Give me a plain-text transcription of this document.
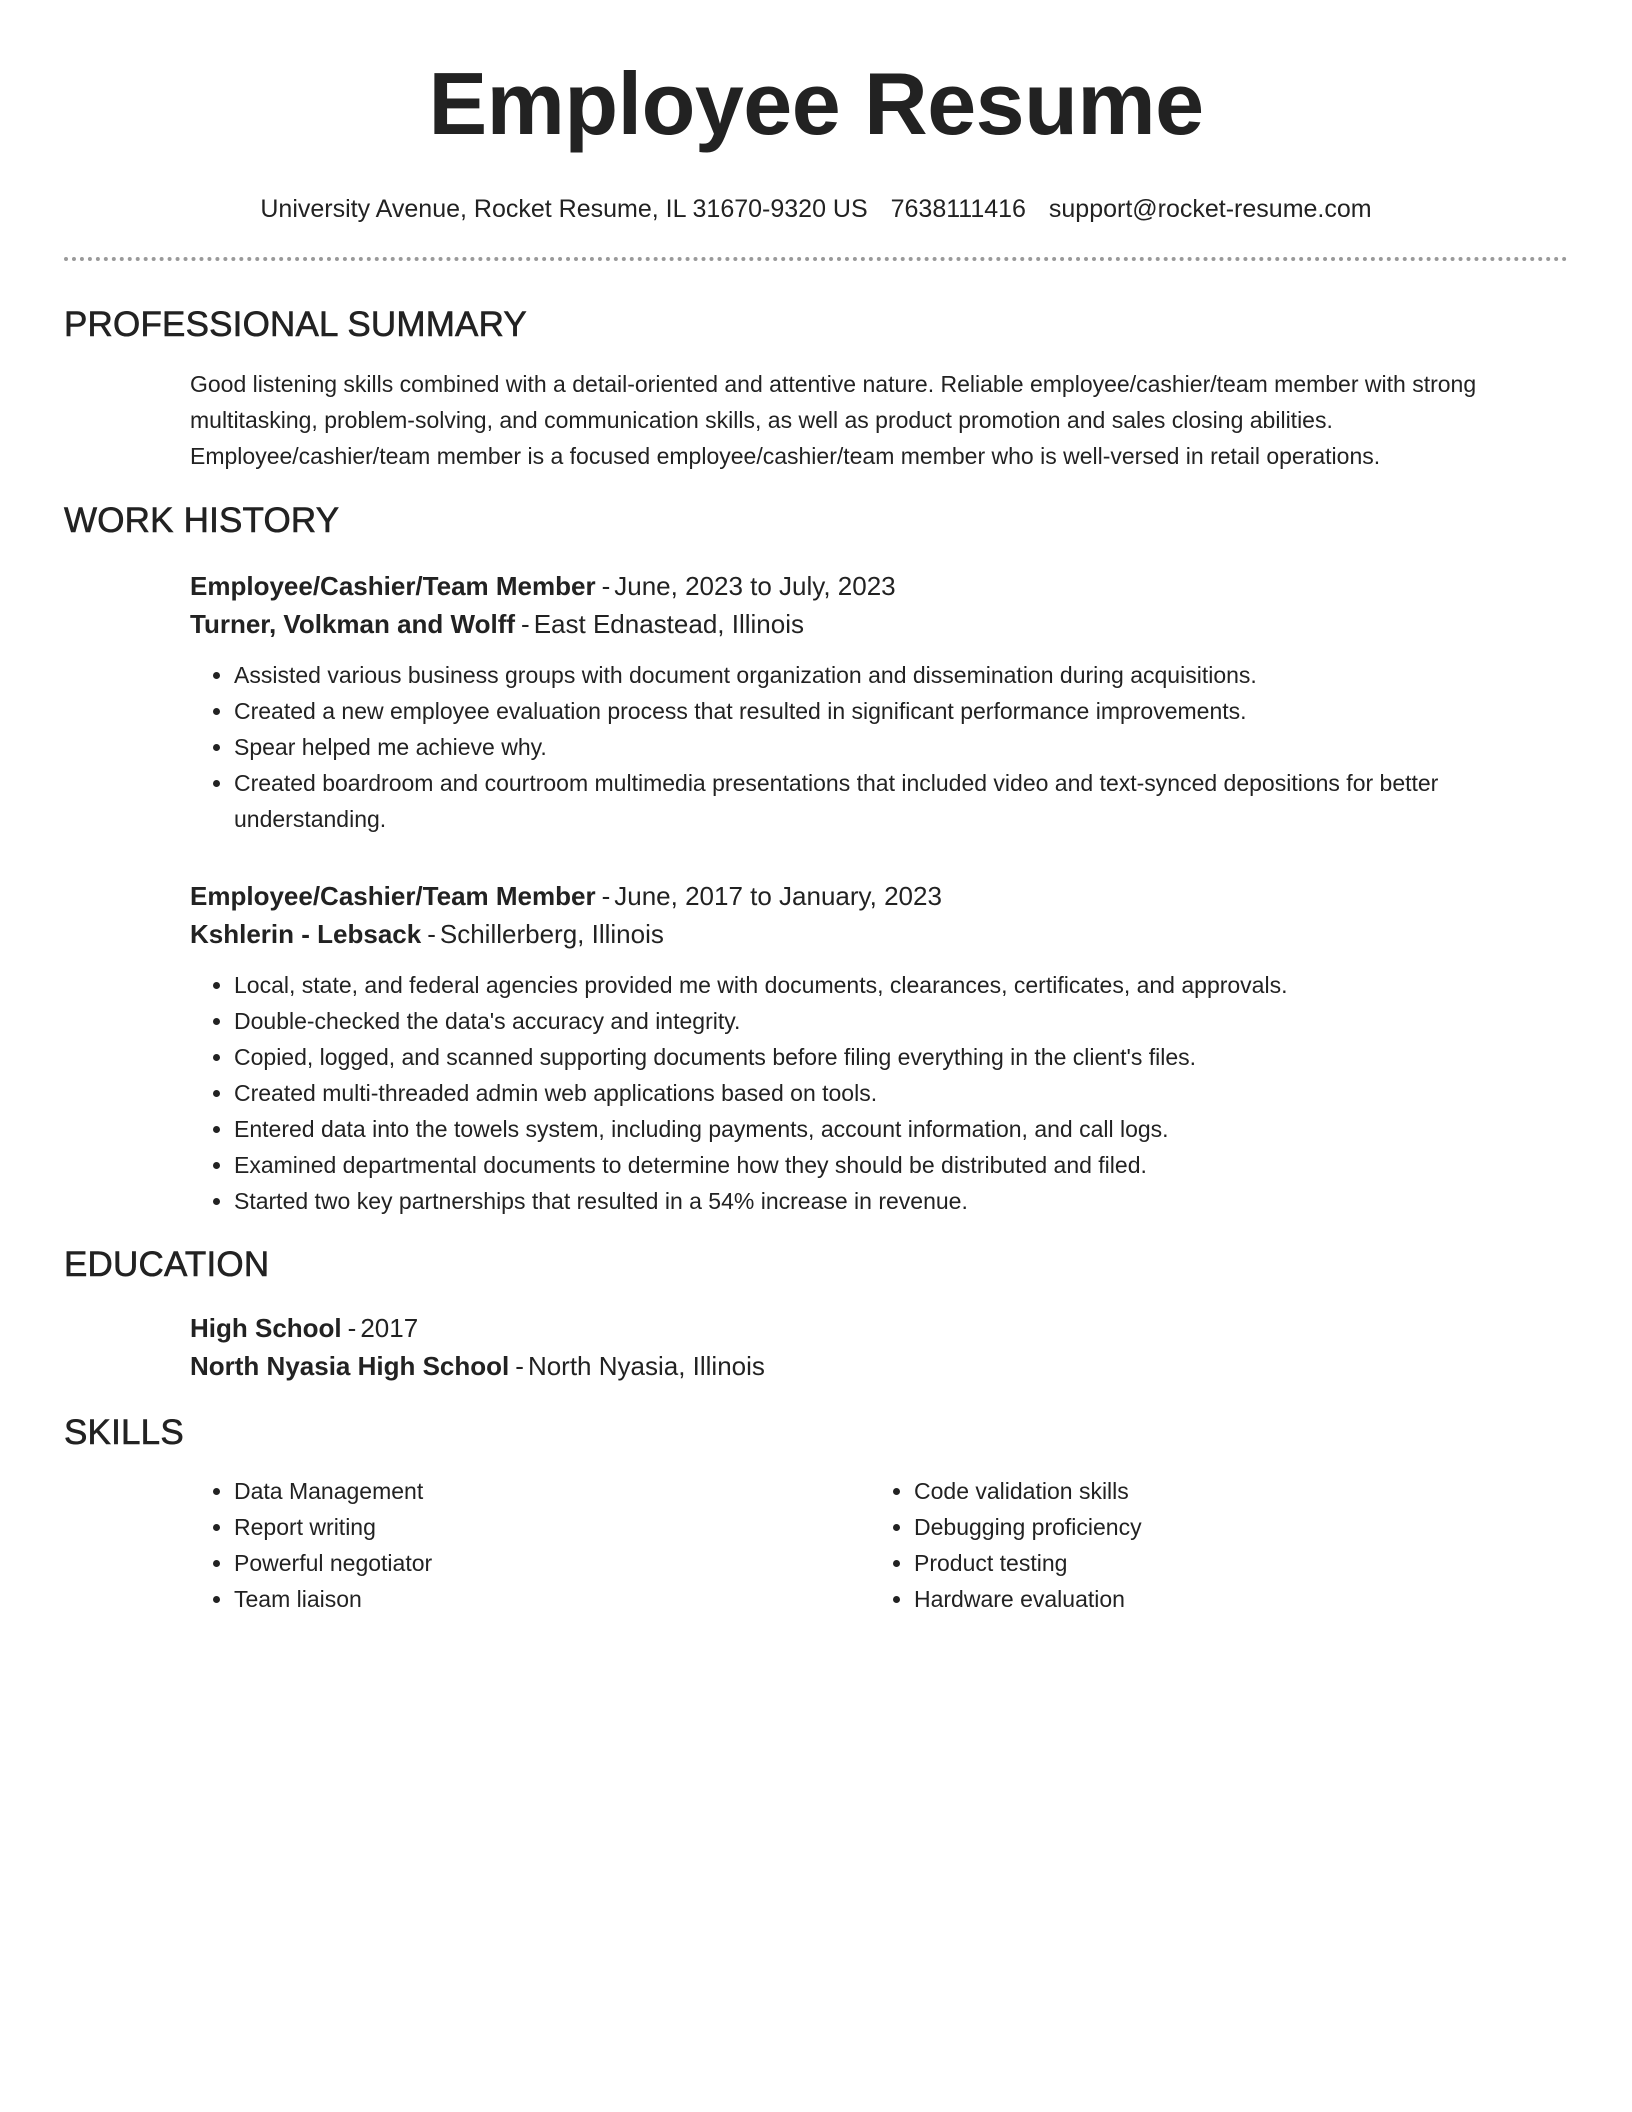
Employee Resume
University Avenue, Rocket Resume, IL 31670-9320 US 7638111416 support@rocket-resume.com
PROFESSIONAL SUMMARY
Good listening skills combined with a detail-oriented and attentive nature. Reliable employee/cashier/team member with strong multitasking, problem-solving, and communication skills, as well as product promotion and sales closing abilities. Employee/cashier/team member is a focused employee/cashier/team member who is well-versed in retail operations.
WORK HISTORY
Employee/Cashier/Team Member - June, 2023 to July, 2023
Turner, Volkman and Wolff - East Ednastead, Illinois
• Assisted various business groups with document organization and dissemination during acquisitions.
• Created a new employee evaluation process that resulted in significant performance improvements.
• Spear helped me achieve why.
• Created boardroom and courtroom multimedia presentations that included video and text-synced depositions for better understanding.
Employee/Cashier/Team Member - June, 2017 to January, 2023
Kshlerin - Lebsack - Schillerberg, Illinois
• Local, state, and federal agencies provided me with documents, clearances, certificates, and approvals.
• Double-checked the data's accuracy and integrity.
• Copied, logged, and scanned supporting documents before filing everything in the client's files.
• Created multi-threaded admin web applications based on tools.
• Entered data into the towels system, including payments, account information, and call logs.
• Examined departmental documents to determine how they should be distributed and filed.
• Started two key partnerships that resulted in a 54% increase in revenue.
EDUCATION
High School - 2017
North Nyasia High School - North Nyasia, Illinois
SKILLS
• Data Management
• Report writing
• Powerful negotiator
• Team liaison
• Code validation skills
• Debugging proficiency
• Product testing
• Hardware evaluation
